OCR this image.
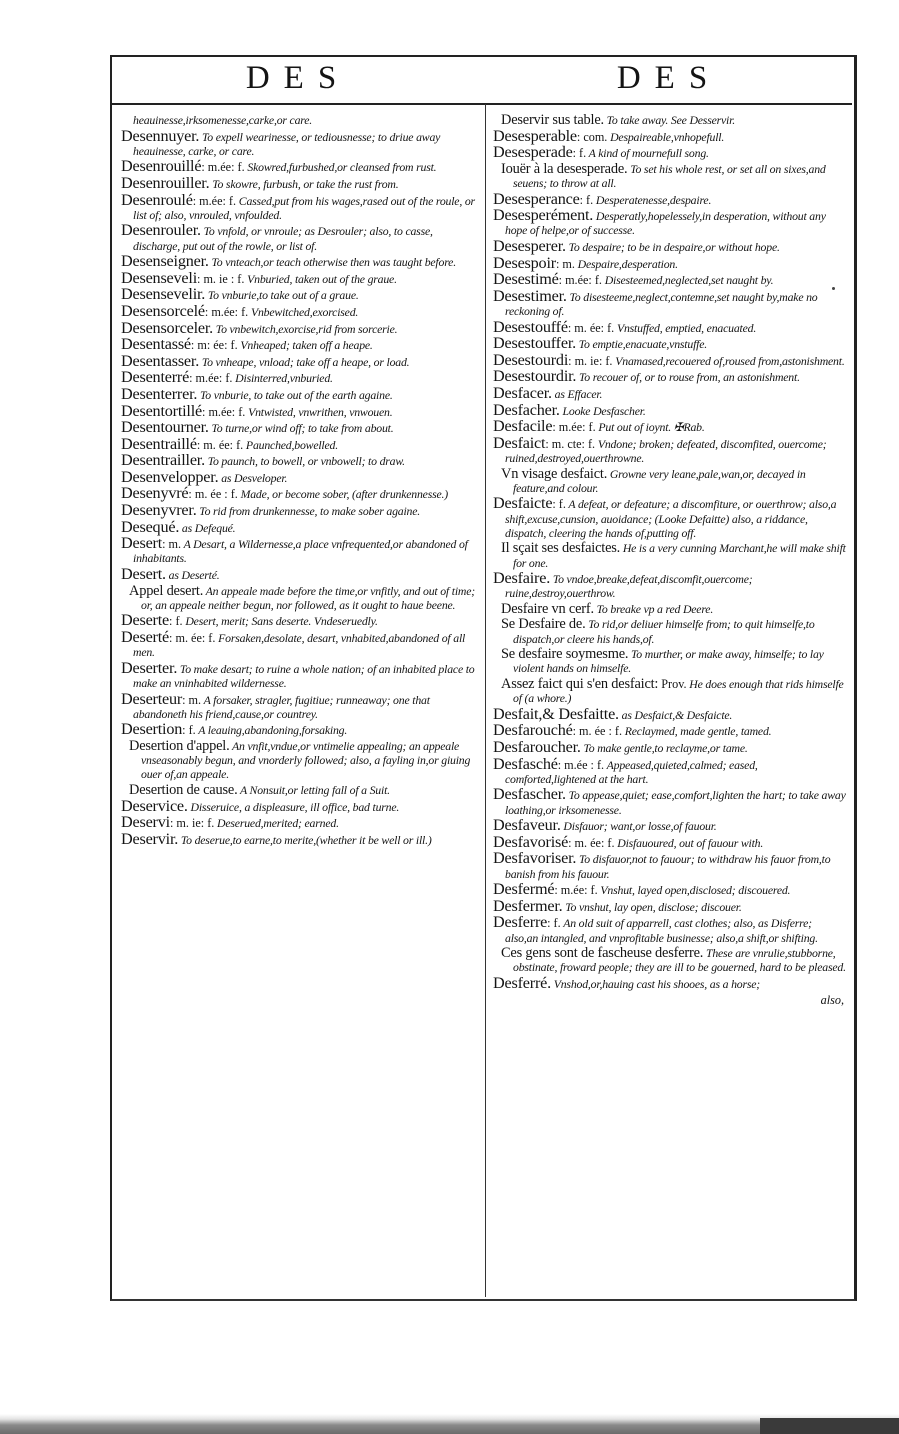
DES	DES
heauinesse,irksomenesse,carke,or care.
Desennuyer. To expell wearinesse, or tediousnesse; to driue away heauinesse, carke, or care.
Desenrouillé: m.ée: f. Skowred,furbushed,or cleansed from rust.
Desenrouiller. To skowre, furbush, or take the rust from.
Desenroulé: m.ée: f. Cassed,put from his wages,rased out of the roule, or list of; also, vnrouled, vnfoulded.
Desenrouler. To vnfold, or vnroule; as Desrouler; also, to casse, discharge, put out of the rowle, or list of.
Desenseigner. To vnteach,or teach otherwise then was taught before.
Desenseveli: m. ie : f. Vnburied, taken out of the graue.
Desensevelir. To vnburie,to take out of a graue.
Desensorcelé: m.ée: f. Vnbewitched,exorcised.
Desensorceler. To vnbewitch,exorcise,rid from sorcerie.
Desentassé: m: ée: f. Vnheaped; taken off a heape.
Desentasser. To vnheape, vnload; take off a heape, or load.
Desenterré: m.ée: f. Disinterred,vnburied.
Desenterrer. To vnburie, to take out of the earth againe.
Desentortillé: m.ée: f. Vntwisted, vnwrithen, vnwouen.
Desentourner. To turne,or wind off; to take from about.
Desentraillé: m. ée: f. Paunched,bowelled.
Desentrailler. To paunch, to bowell, or vnbowell; to draw.
Desenvelopper. as Desveloper.
Desenyvré: m. ée : f. Made, or become sober, (after drunkennesse.)
Desenyvrer. To rid from drunkennesse, to make sober againe.
Desequé. as Defequé.
Desert: m. A Desart, a Wildernesse,a place vnfrequented,or abandoned of inhabitants.
Desert. as Deserté.
Appel desert. An appeale made before the time,or vnfitly, and out of time; or, an appeale neither begun, nor followed, as it ought to haue beene.
Deserte: f. Desert, merit; Sans deserte. Vndeseruedly.
Deserté: m. ée: f. Forsaken,desolate, desart, vnhabited,abandoned of all men.
Deserter. To make desart; to ruine a whole nation; of an inhabited place to make an vninhabited wildernesse.
Deserteur: m. A forsaker, stragler, fugitiue; runneaway; one that abandoneth his friend,cause,or countrey.
Desertion: f. A leauing,abandoning,forsaking.
Desertion d'appel. An vnfit,vndue,or vntimelie appealing; an appeale vnseasonably begun, and vnorderly followed; also, a fayling in,or giuing ouer of,an appeale.
Desertion de cause. A Nonsuit,or letting fall of a Suit.
Deservice. Disseruice, a displeasure, ill office, bad turne.
Deservi: m. ie: f. Deserued,merited; earned.
Deservir. To deserue,to earne,to merite,(whether it be well or ill.)
Deservir sus table. To take away. See Desservir.
Desesperable: com. Despaireable,vnhopefull.
Desesperade: f. A kind of mournefull song.
Iouër à la desesperade. To set his whole rest, or set all on sixes,and seuens; to throw at all.
Desesperance: f. Desperatenesse,despaire.
Desesperément. Desperatly,hopelessely,in desperation, without any hope of helpe,or of successe.
Desesperer. To despaire; to be in despaire,or without hope.
Desespoir: m. Despaire,desperation.
Desestimé: m.ée: f. Disesteemed,neglected,set naught by.
Desestimer. To disesteeme,neglect,contemne,set naught by,make no reckoning of.
Desestouffé: m. ée: f. Vnstuffed, emptied, enacuated.
Desestouffer. To emptie,enacuate,vnstuffe.
Desestourdi: m. ie: f. Vnamased,recouered of,roused from,astonishment.
Desestourdir. To recouer of, or to rouse from, an astonishment.
Desfacer. as Effacer.
Desfacher. Looke Desfascher.
Desfacile: m.ée: f. Put out of ioynt. ✠Rab.
Desfaict: m. cte: f. Vndone; broken; defeated, discomfited, ouercome; ruined,destroyed,ouerthrowne.
Vn visage desfaict. Growne very leane,pale,wan,or, decayed in feature,and colour.
Desfaicte: f. A defeat, or defeature; a discomfiture, or ouerthrow; also,a shift,excuse,cunsion, auoidance; (Looke Defaitte) also, a riddance, dispatch, cleering the hands of,putting off.
Il sçait ses desfaictes. He is a very cunning Marchant,he will make shift for one.
Desfaire. To vndoe,breake,defeat,discomfit,ouercome; ruine,destroy,ouerthrow.
Desfaire vn cerf. To breake vp a red Deere.
Se Desfaire de. To rid,or deliuer himselfe from; to quit himselfe,to dispatch,or cleere his hands,of.
Se desfaire soymesme. To murther, or make away, himselfe; to lay violent hands on himselfe.
Assez faict qui s'en desfaict: Prov. He does enough that rids himselfe of (a whore.)
Desfait,& Desfaitte. as Desfaict,& Desfaicte.
Desfarouché: m. ée : f. Reclaymed, made gentle, tamed.
Desfaroucher. To make gentle,to reclayme,or tame.
Desfasché: m.ée : f. Appeased,quieted,calmed; eased, comforted,lightened at the hart.
Desfascher. To appease,quiet; ease,comfort,lighten the hart; to take away loathing,or irksomenesse.
Desfaveur. Disfauor; want,or losse,of fauour.
Desfavorisé: m. ée: f. Disfauoured, out of fauour with.
Desfavoriser. To disfauor,not to fauour; to withdraw his fauor from,to banish from his fauour.
Desfermé: m.ée: f. Vnshut, layed open,disclosed; discouered.
Desfermer. To vnshut, lay open, disclose; discouer.
Desferre: f. An old suit of apparrell, cast clothes; also, as Disferre; also,an intangled, and vnprofitable businesse; also,a shift,or shifting.
Ces gens sont de fascheuse desferre. These are vnrulie,stubborne, obstinate, froward people; they are ill to be gouerned, hard to be pleased.
Desferré. Vnshod,or,hauing cast his shooes, as a horse;
also,
